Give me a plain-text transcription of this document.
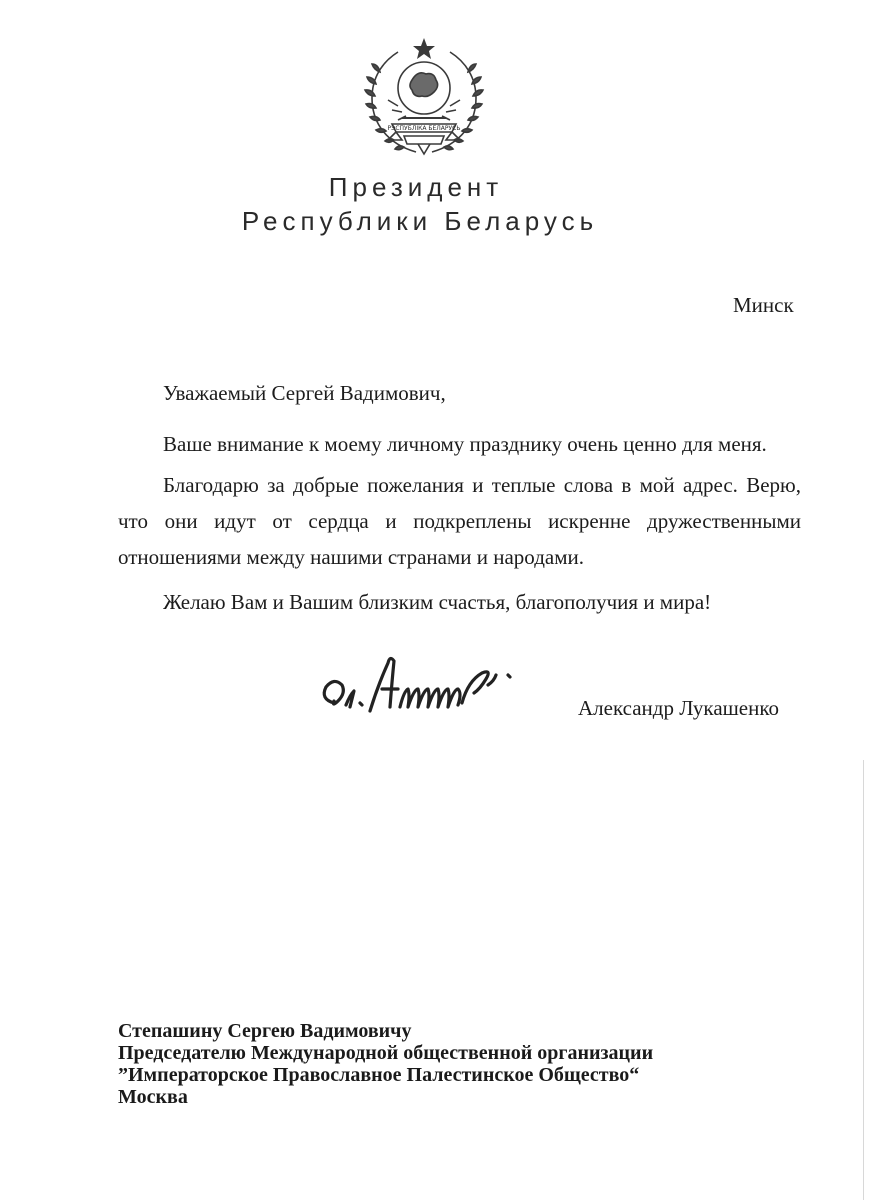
РЭСПУБЛІКА БЕЛАРУСЬ
Президент
Республики Беларусь
Минск
Уважаемый Сергей Вадимович,
Ваше внимание к моему личному празднику очень ценно для меня.
Благодарю за добрые пожелания и теплые слова в мой адрес. Верю, что они идут от сердца и подкреплены искренне дружественными отношениями между нашими странами и народами.
Желаю Вам и Вашим близким счастья, благополучия и мира!
Александр Лукашенко
Степашину Сергею Вадимовичу
Председателю Международной общественной организации
”Императорское Православное Палестинское Общество“
Москва
